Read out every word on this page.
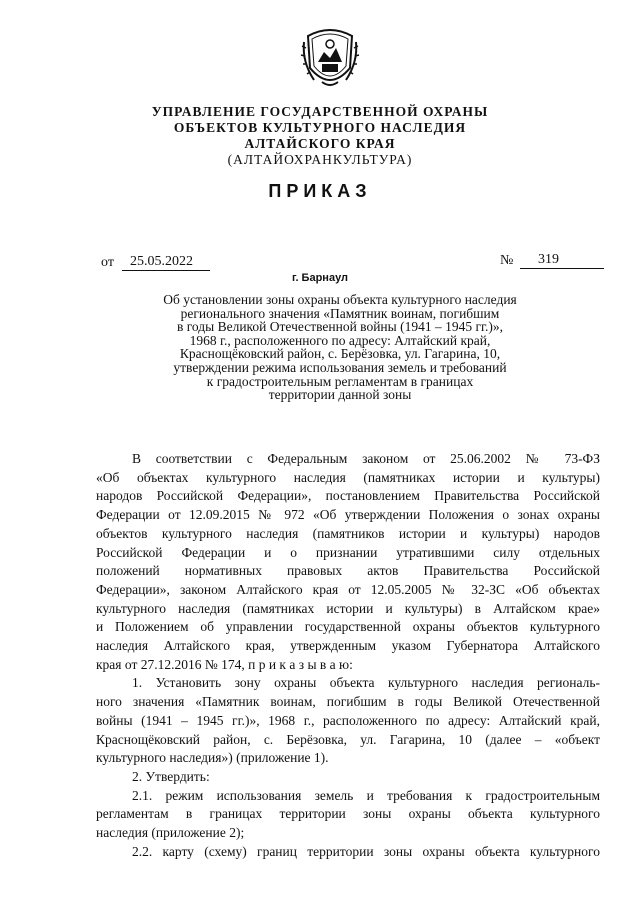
УПРАВЛЕНИЕ ГОСУДАРСТВЕННОЙ ОХРАНЫ
ОБЪЕКТОВ КУЛЬТУРНОГО НАСЛЕДИЯ
АЛТАЙСКОГО КРАЯ
(АЛТАЙОХРАНКУЛЬТУРА)
ПРИКАЗ
от	25.05.2022	№	319
г. Барнаул
Об установлении зоны охраны объекта культурного наследия
регионального значения «Памятник воинам, погибшим
в годы Великой Отечественной войны (1941 – 1945 гг.)»,
1968 г., расположенного по адресу: Алтайский край,
Краснощёковский район, с. Берёзовка, ул. Гагарина, 10,
утверждении режима использования земель и требований
к градостроительным регламентам в границах
территории данной зоны
В соответствии с Федеральным законом от 25.06.2002 № 73-ФЗ
«Об объектах культурного наследия (памятниках истории и культуры)
народов Российской Федерации», постановлением Правительства Российской
Федерации от 12.09.2015 № 972 «Об утверждении Положения о зонах охраны
объектов культурного наследия (памятников истории и культуры) народов
Российской Федерации и о признании утратившими силу отдельных
положений нормативных правовых актов Правительства Российской
Федерации», законом Алтайского края от 12.05.2005 № 32-ЗС «Об объектах
культурного наследия (памятниках истории и культуры) в Алтайском крае»
и Положением об управлении государственной охраны объектов культурного
наследия Алтайского края, утвержденным указом Губернатора Алтайского
края от 27.12.2016 № 174, п р и к а з ы в а ю:
1. Установить зону охраны объекта культурного наследия региональ-
ного значения «Памятник воинам, погибшим в годы Великой Отечественной
войны (1941 – 1945 гг.)», 1968 г., расположенного по адресу: Алтайский край,
Краснощёковский район, с. Берёзовка, ул. Гагарина, 10 (далее – «объект
культурного наследия») (приложение 1).
2. Утвердить:
2.1. режим использования земель и требования к градостроительным
регламентам в границах территории зоны охраны объекта культурного
наследия (приложение 2);
2.2. карту (схему) границ территории зоны охраны объекта культурного
